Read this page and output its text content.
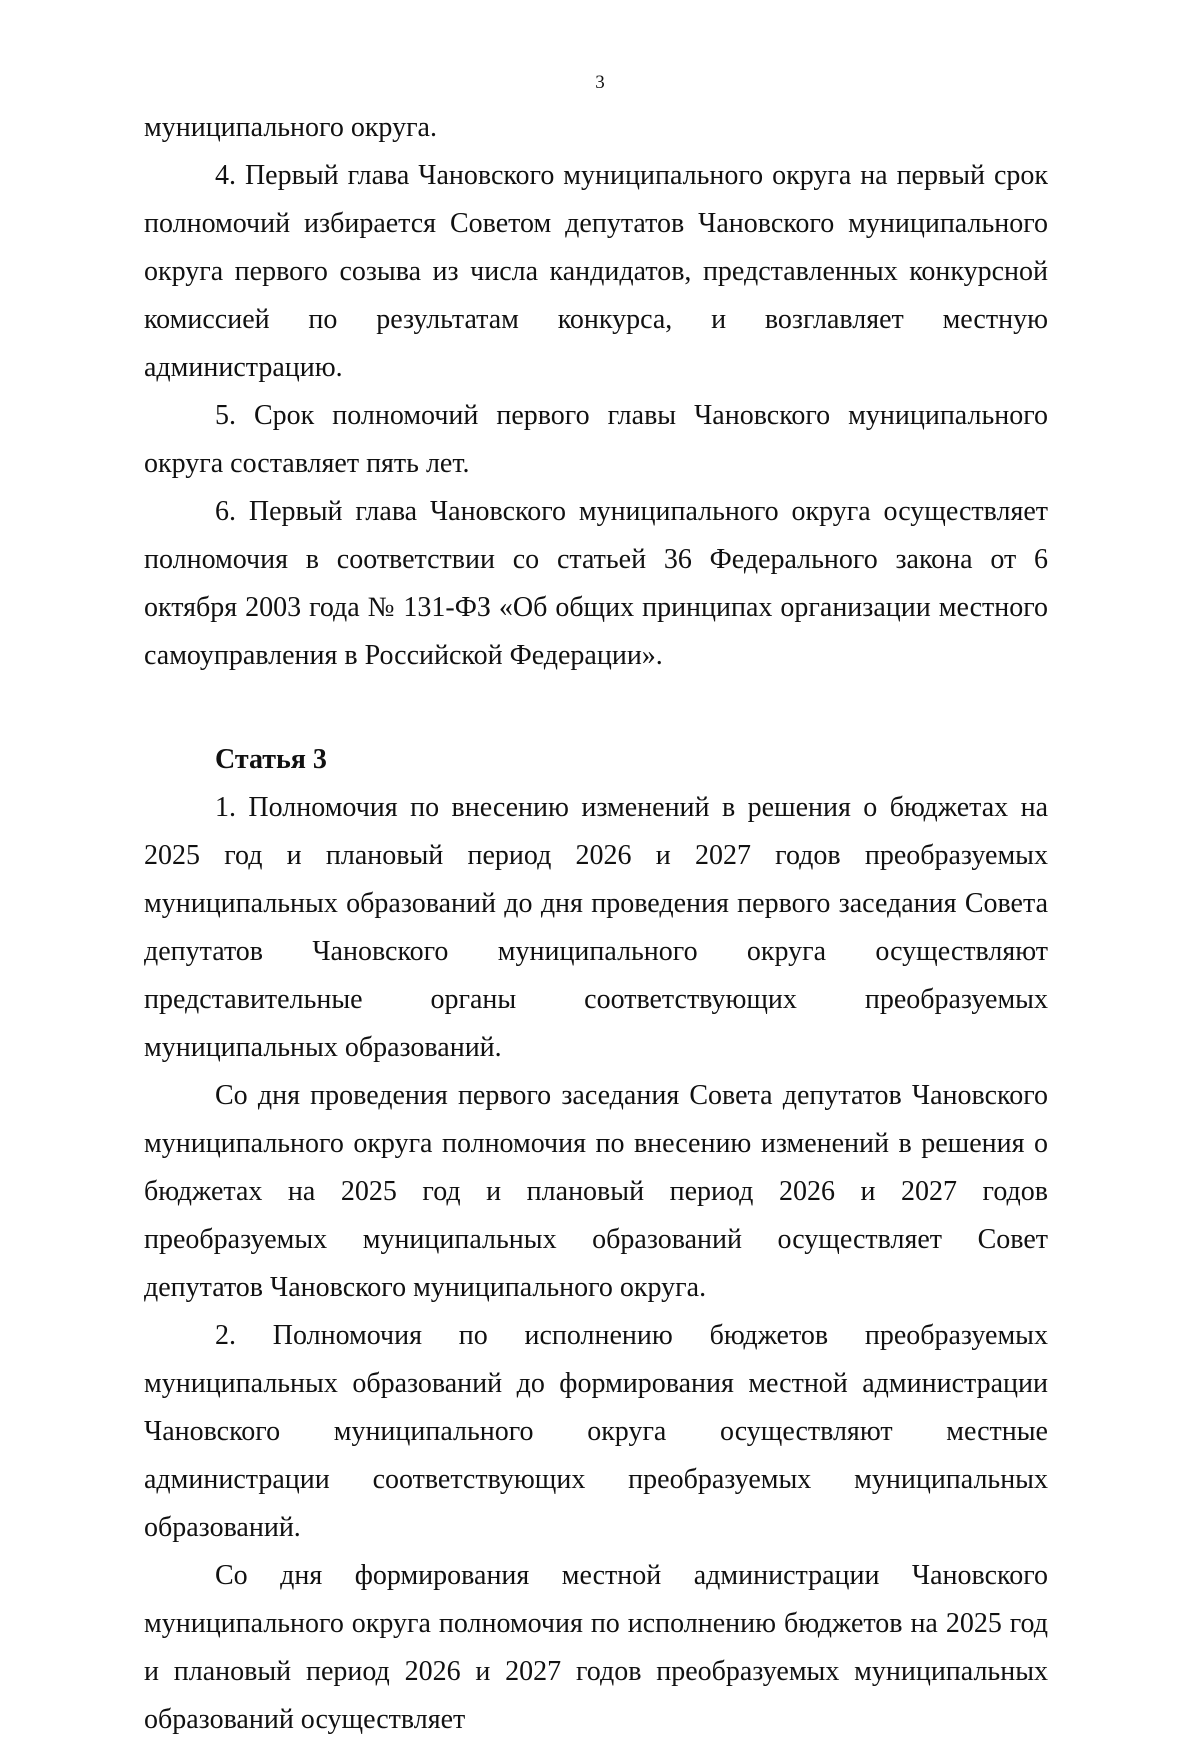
3

муниципального округа.

4. Первый глава Чановского муниципального округа на первый срок полномочий избирается Советом депутатов Чановского муниципального округа первого созыва из числа кандидатов, представленных конкурсной комиссией по результатам конкурса, и возглавляет местную администрацию.

5. Срок полномочий первого главы Чановского муниципального округа составляет пять лет.

6. Первый глава Чановского муниципального округа осуществляет полномочия в соответствии со статьей 36 Федерального закона от 6 октября 2003 года № 131-ФЗ «Об общих принципах организации местного самоуправления в Российской Федерации».

Статья 3

1. Полномочия по внесению изменений в решения о бюджетах на 2025 год и плановый период 2026 и 2027 годов преобразуемых муниципальных образований до дня проведения первого заседания Совета депутатов Чановского муниципального округа осуществляют представительные органы соответствующих преобразуемых муниципальных образований.

Со дня проведения первого заседания Совета депутатов Чановского муниципального округа полномочия по внесению изменений в решения о бюджетах на 2025 год и плановый период 2026 и 2027 годов преобразуемых муниципальных образований осуществляет Совет депутатов Чановского муниципального округа.

2. Полномочия по исполнению бюджетов преобразуемых муниципальных образований до формирования местной администрации Чановского муниципального округа осуществляют местные администрации соответствующих преобразуемых муниципальных образований.

Со дня формирования местной администрации Чановского муниципального округа полномочия по исполнению бюджетов на 2025 год и плановый период 2026 и 2027 годов преобразуемых муниципальных образований осуществляет
